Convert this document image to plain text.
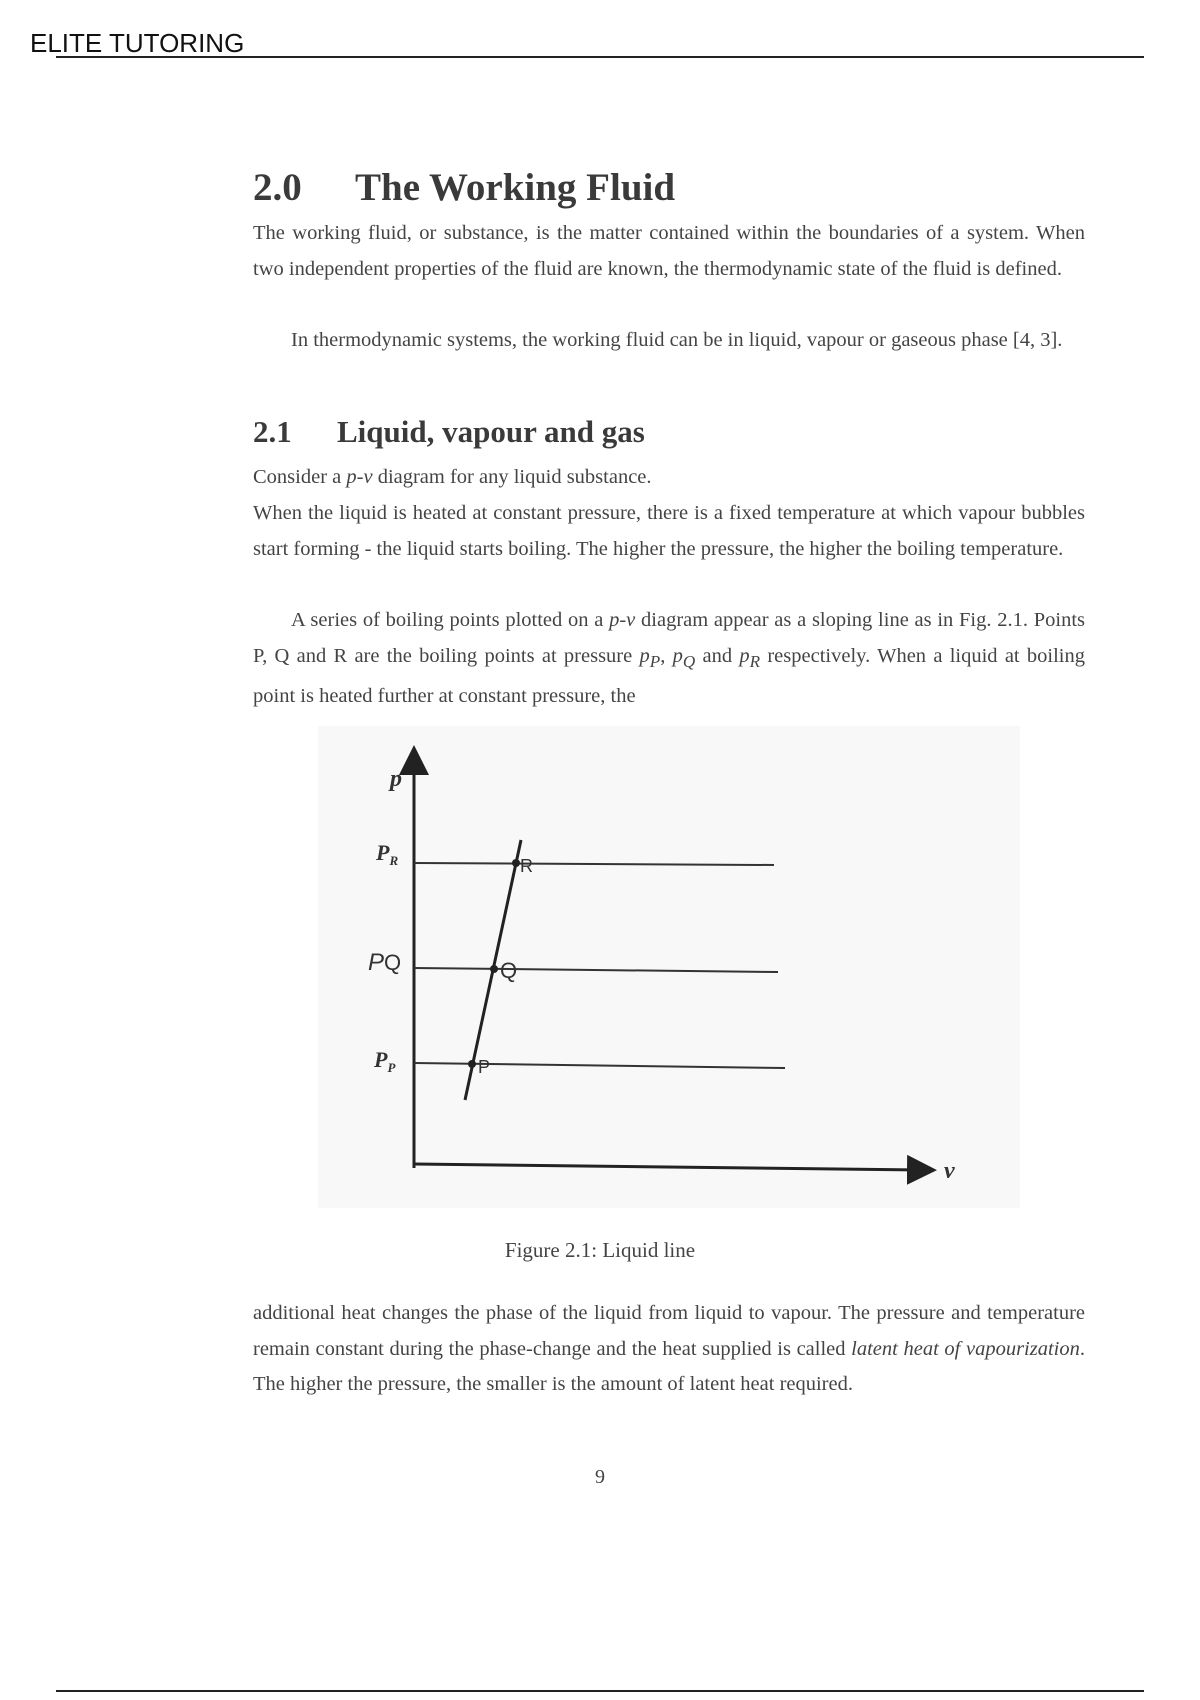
ELITE TUTORING
2.0 The Working Fluid

The working fluid, or substance, is the matter contained within the boundaries of a system. When two independent properties of the fluid are known, the thermodynamic state of the fluid is defined.

In thermodynamic systems, the working fluid can be in liquid, vapour or gaseous phase [4, 3].

2.1 Liquid, vapour and gas

Consider a p-v diagram for any liquid substance.

When the liquid is heated at constant pressure, there is a fixed temperature at which vapour bubbles start forming - the liquid starts boiling. The higher the pressure, the higher the boiling temperature.

A series of boiling points plotted on a p-v diagram appear as a sloping line as in Fig. 2.1. Points P, Q and R are the boiling points at pressure $p_P$, $p_Q$ and $p_R$ respectively. When a liquid at boiling point is heated further at constant pressure, the

p
v
$P_R$
PQ
$P_P$
R
Q
P
Figure 2.1: Liquid line

additional heat changes the phase of the liquid from liquid to vapour. The pressure and temperature remain constant during the phase-change and the heat supplied is called latent heat of vapourization. The higher the pressure, the smaller is the amount of latent heat required.

9
